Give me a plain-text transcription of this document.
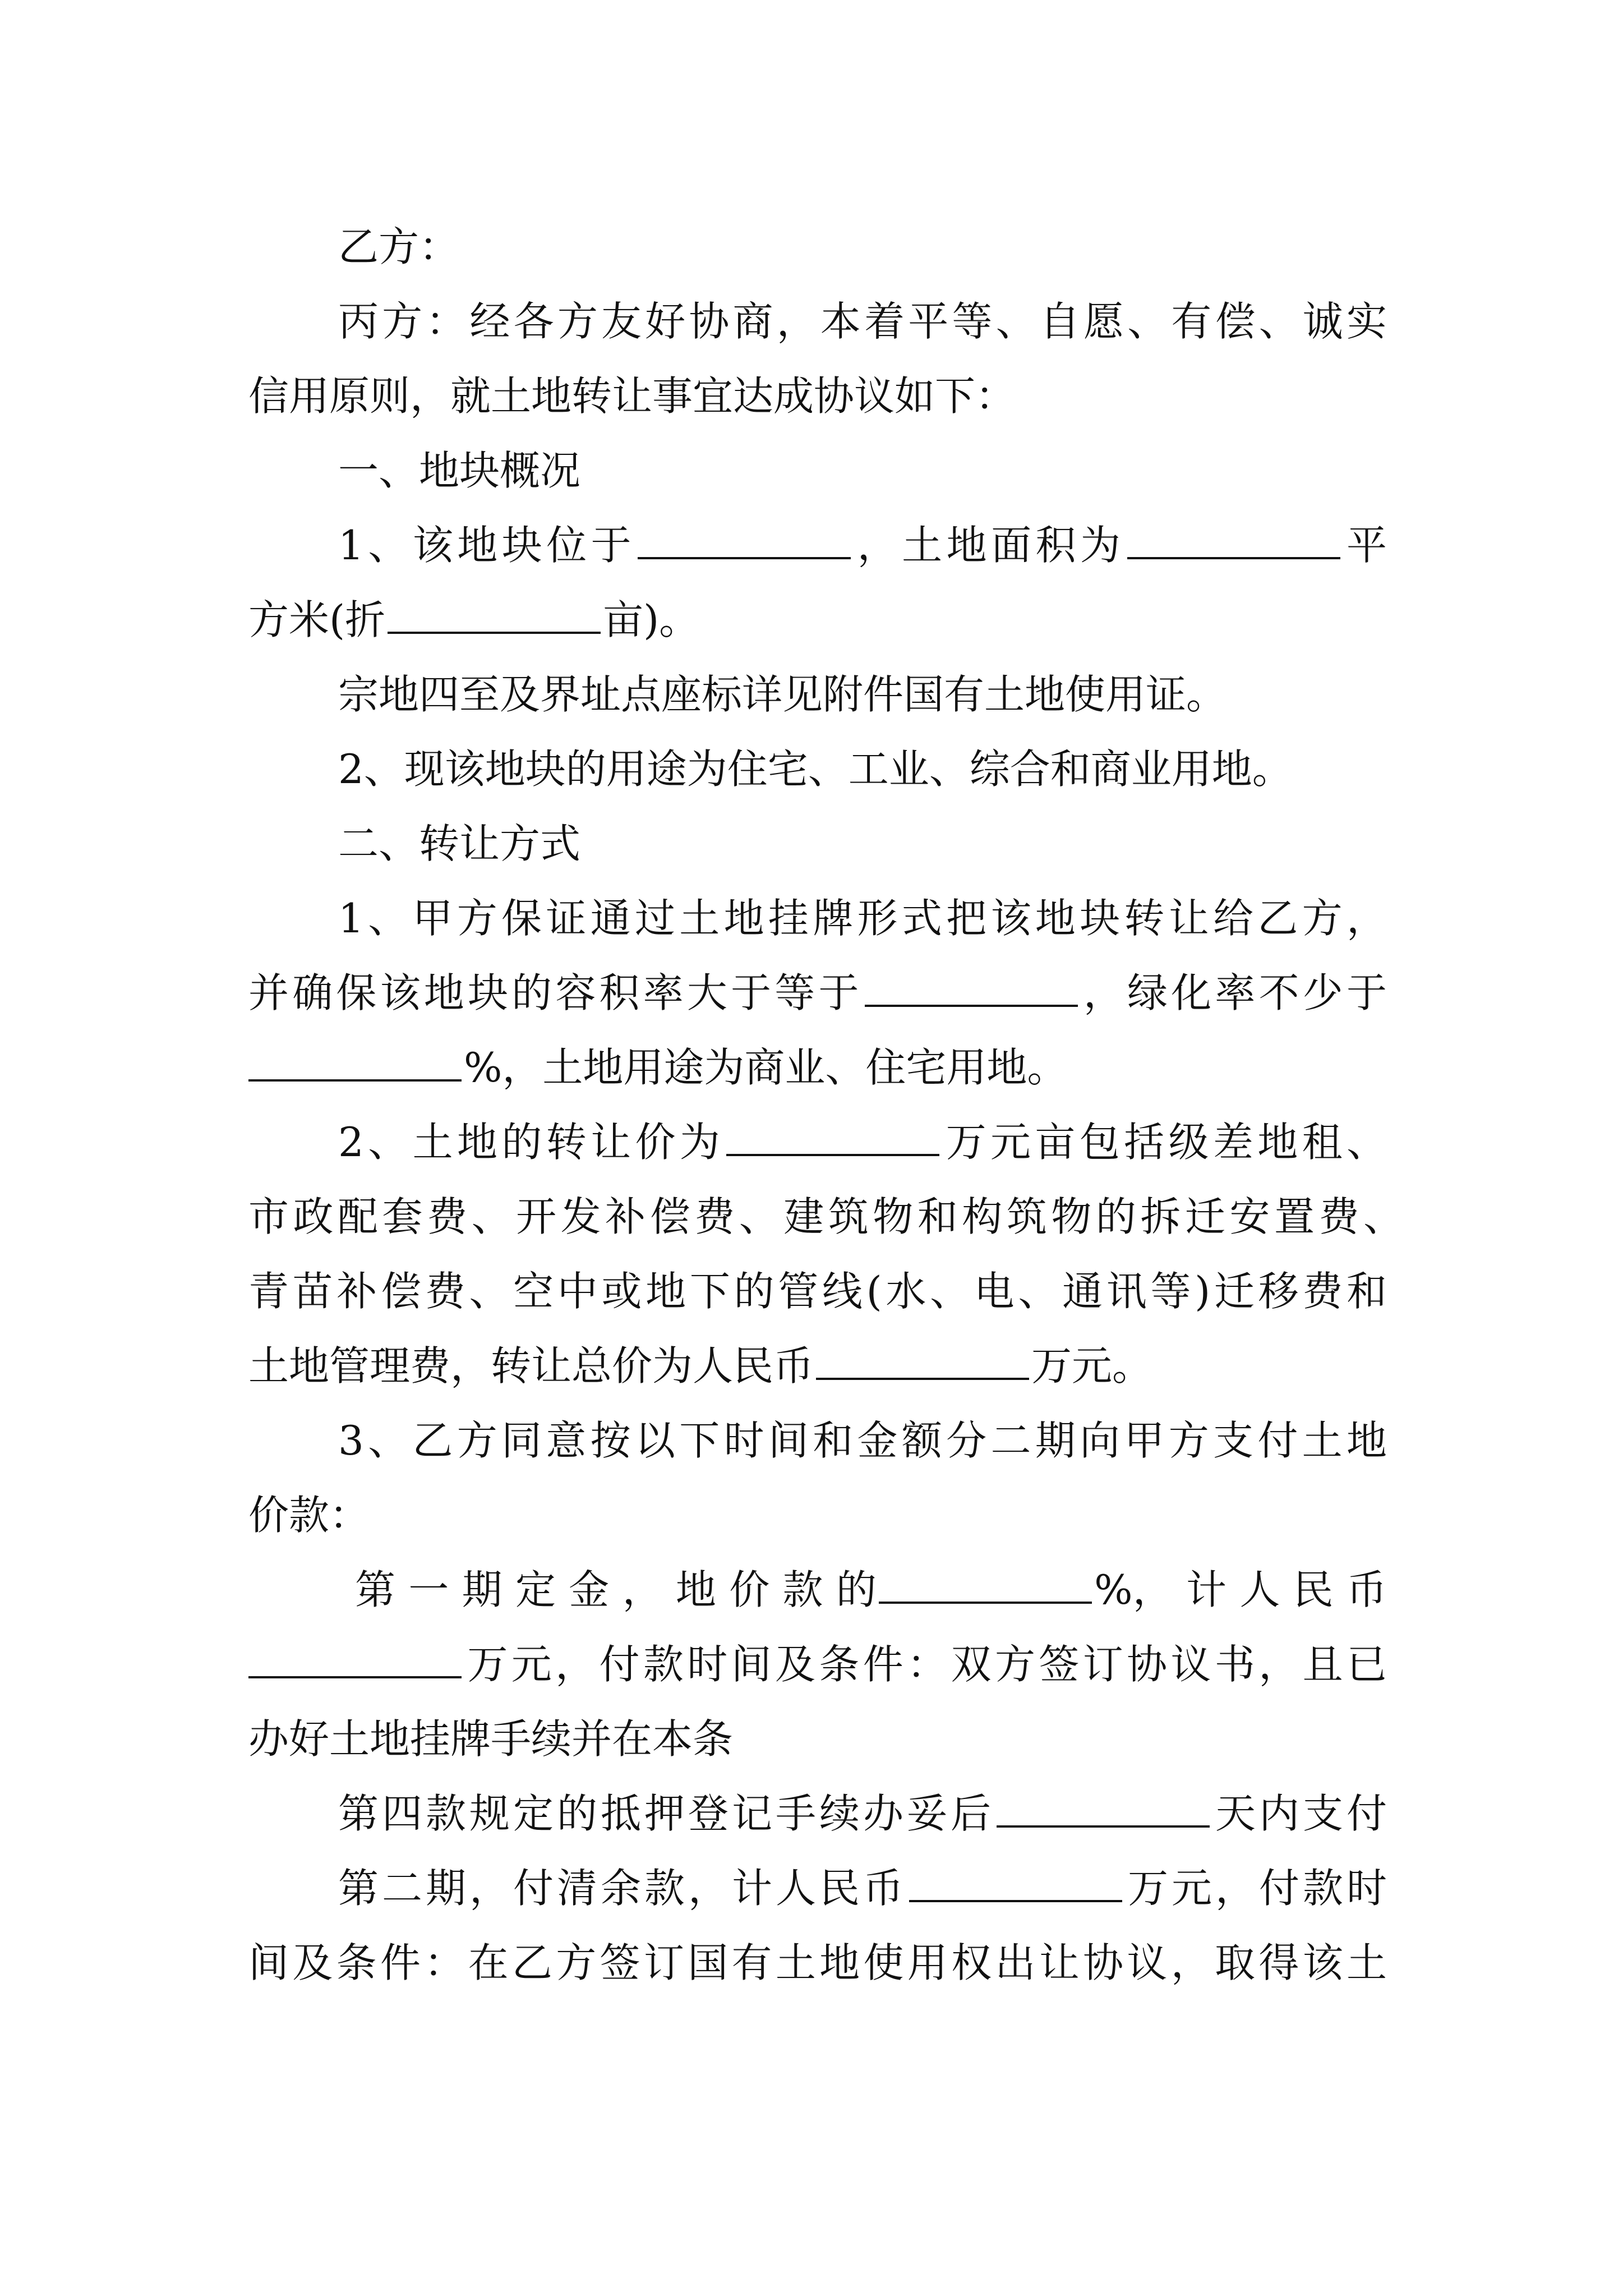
乙方：
丙方：经各方友好协商，本着平等、自愿、有偿、诚实
信用原则，就土地转让事宜达成协议如下：
一、地块概况
1、该地块位于	，土地面积为	平
方米(折	亩)。
宗地四至及界址点座标详见附件国有土地使用证。
2、现该地块的用途为住宅、工业、综合和商业用地。
二、转让方式
1、甲方保证通过土地挂牌形式把该地块转让给乙方，
并确保该地块的容积率大于等于	，绿化率不少于
%，土地用途为商业、住宅用地。
2、土地的转让价为	万元亩包括级差地租、
市政配套费、开发补偿费、建筑物和构筑物的拆迁安置费、
青苗补偿费、空中或地下的管线(水、电、通讯等)迁移费和
土地管理费，转让总价为人民币	万元。
3、乙方同意按以下时间和金额分二期向甲方支付土地
价款：
第 一 期 定 金 ， 地 价 款 的	%， 计 人 民 币
万元，付款时间及条件：双方签订协议书，且已
办好土地挂牌手续并在本条
第四款规定的抵押登记手续办妥后	天内支付
第二期，付清余款，计人民币	万元，付款时
间及条件：在乙方签订国有土地使用权出让协议，取得该土
